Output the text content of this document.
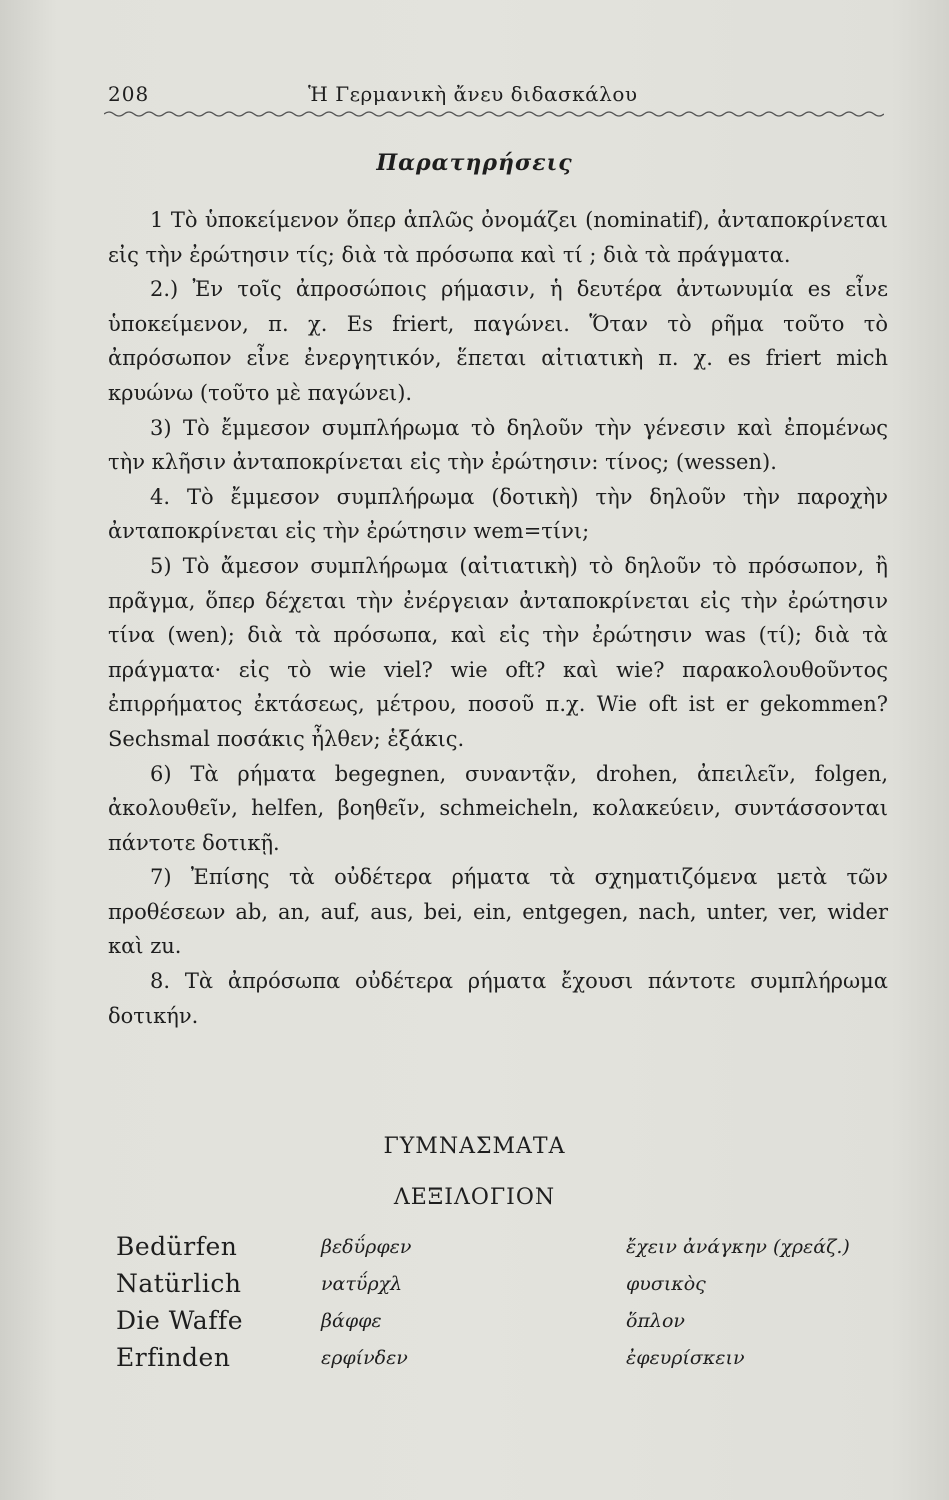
208	Ἡ Γερμανικὴ ἄνευ διδασκάλου
Παρατηρήσεις

1 Τὸ ὑποκείμενον ὅπερ ἁπλῶς ὀνομάζει (nominatif), ἀνταποκρίνεται εἰς τὴν ἐρώτησιν τίς; διὰ τὰ πρόσωπα καὶ τί ; διὰ τὰ πράγματα.

2.) Ἐν τοῖς ἀπροσώποις ρήμασιν, ἡ δευτέρα ἀντωνυμία es εἶνε ὑποκείμενον, π. χ. Es friert, παγώνει. Ὅταν τὸ ρῆμα τοῦτο τὸ ἀπρόσωπον εἶνε ἐνεργητικόν, ἕπεται αἰτιατικὴ π. χ. es friert mich κρυώνω (τοῦτο μὲ παγώνει).

3) Τὸ ἔμμεσον συμπλήρωμα τὸ δηλοῦν τὴν γένεσιν καὶ ἐπομένως τὴν κλῆσιν ἀνταποκρίνεται εἰς τὴν ἐρώτησιν: τίνος; (wessen).

4. Τὸ ἔμμεσον συμπλήρωμα (δοτικὴ) τὴν δηλοῦν τὴν παροχὴν ἀνταποκρίνεται εἰς τὴν ἐρώτησιν wem=τίνι;

5) Τὸ ἄμεσον συμπλήρωμα (αἰτιατικὴ) τὸ δηλοῦν τὸ πρόσωπον, ἢ πρᾶγμα, ὅπερ δέχεται τὴν ἐνέργειαν ἀνταποκρίνεται εἰς τὴν ἐρώτησιν τίνα (wen); διὰ τὰ πρόσωπα, καὶ εἰς τὴν ἐρώτησιν was (τί); διὰ τὰ πράγματα· εἰς τὸ wie viel? wie oft? καὶ wie? παρακολουθοῦντος ἐπιρρήματος ἐκτάσεως, μέτρου, ποσοῦ π.χ. Wie oft ist er gekommen? Sechsmal ποσάκις ἦλθεν; ἑξάκις.

6) Τὰ ρήματα begegnen, συναντᾷν, drohen, ἀπειλεῖν, folgen, ἀκολουθεῖν, helfen, βοηθεῖν, schmeicheln, κολακεύειν, συντάσσονται πάντοτε δοτικῇ.

7) Ἐπίσης τὰ οὐδέτερα ρήματα τὰ σχηματιζόμενα μετὰ τῶν προθέσεων ab, an, auf, aus, bei, ein, entgegen, nach, unter, ver, wider καὶ zu.

8. Τὰ ἀπρόσωπα οὐδέτερα ρήματα ἔχουσι πάντοτε συμπλήρωμα δοτικήν.

ΓΥΜΝΑΣΜΑΤΑ
ΛΕΞΙΛΟΓΙΟΝ
Bedürfen	βεδΰρφεν	ἔχειν ἀνάγκην (χρεάζ.)
Natürlich	νατΰρχλ	φυσικὸς
Die Waffe	βάφφε	ὅπλον
Erfinden	ερφίνδεν	ἐφευρίσκειν
